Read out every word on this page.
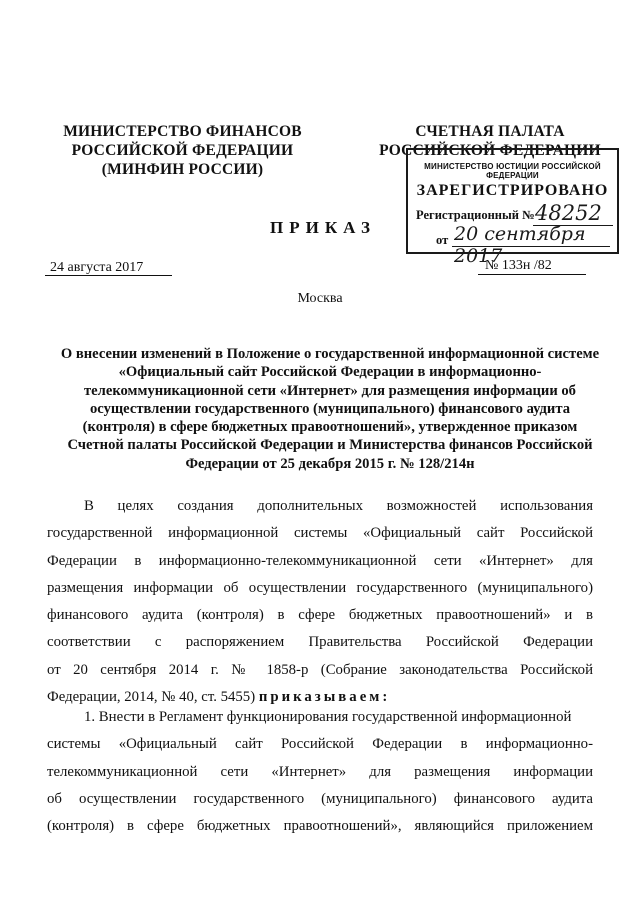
МИНИСТЕРСТВО ФИНАНСОВ
РОССИЙСКОЙ ФЕДЕРАЦИИ
(МИНФИН РОССИИ)
СЧЕТНАЯ ПАЛАТА
РОССИЙСКОЙ ФЕДЕРАЦИИ
МИНИСТЕРСТВО ЮСТИЦИИ РОССИЙСКОЙ ФЕДЕРАЦИИ
ЗАРЕГИСТРИРОВАНО
Регистрационный № 48252
от 20 сентября 2017
ПРИКАЗ
24 августа 2017	№ 133н /82
Москва
О внесении изменений в Положение о государственной информационной системе «Официальный сайт Российской Федерации в информационно-телекоммуникационной сети «Интернет» для размещения информации об осуществлении государственного (муниципального) финансового аудита (контроля) в сфере бюджетных правоотношений», утвержденное приказом Счетной палаты Российской Федерации и Министерства финансов Российской Федерации от 25 декабря 2015 г. № 128/214н
В целях создания дополнительных возможностей использования
государственной информационной системы «Официальный сайт Российской
Федерации в информационно-телекоммуникационной сети «Интернет» для
размещения информации об осуществлении государственного (муниципального)
финансового аудита (контроля) в сфере бюджетных правоотношений» и в
соответствии с распоряжением Правительства Российской Федерации
от 20 сентября 2014 г. № 1858-р (Собрание законодательства Российской
Федерации, 2014, № 40, ст. 5455) приказываем:
1. Внести в Регламент функционирования государственной информационной
системы «Официальный сайт Российской Федерации в информационно-
телекоммуникационной сети «Интернет» для размещения информации
об осуществлении государственного (муниципального) финансового аудита
(контроля) в сфере бюджетных правоотношений», являющийся приложением
